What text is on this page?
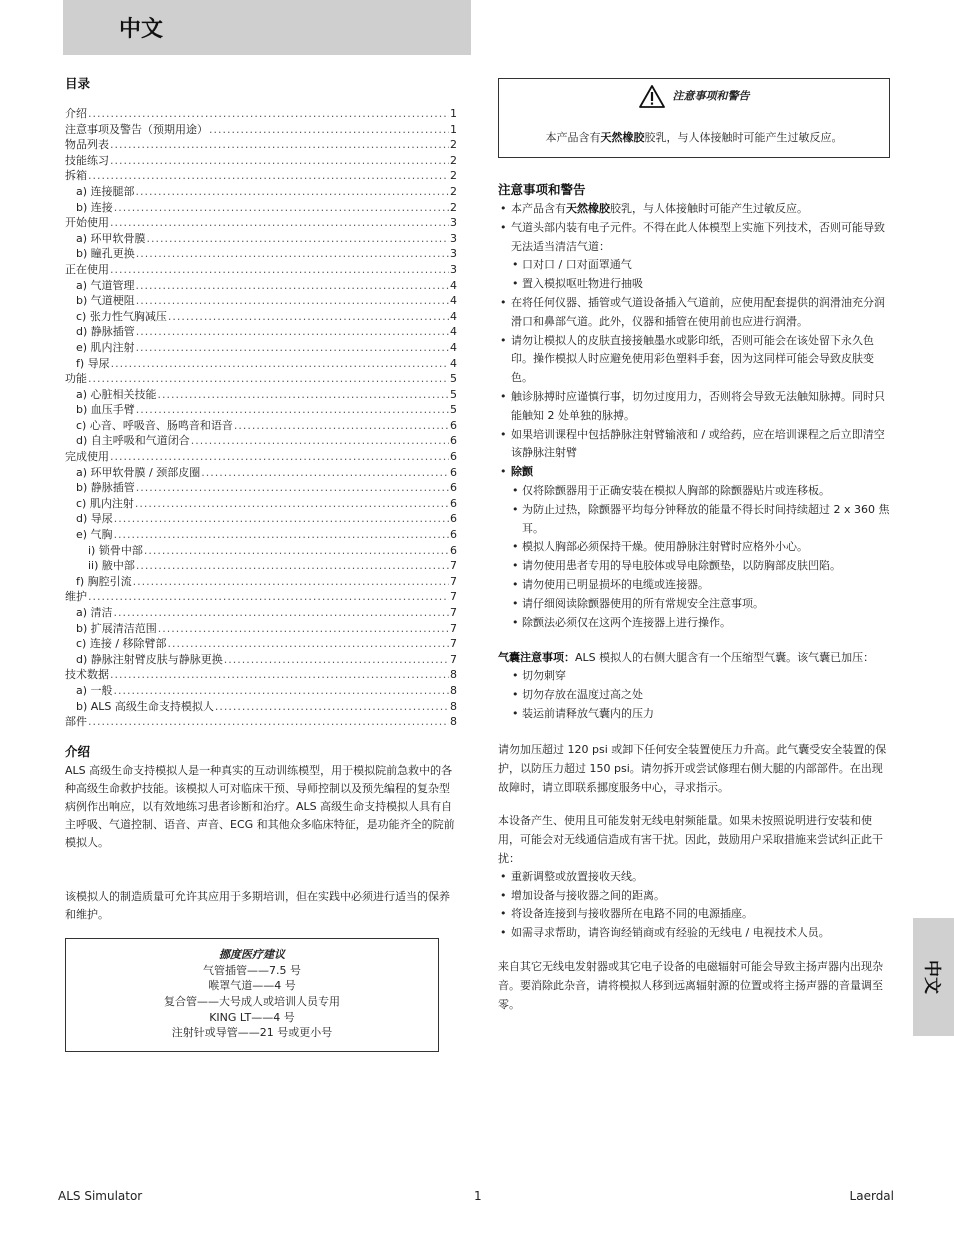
中文
中文
目录
介绍 .....	1
注意事项及警告（预期用途） .....	1
物品列表 .....	2
技能练习 .....	2
拆箱 .....	2
a) 连接腿部 .....	2
b) 连接 .....	2
开始使用 .....	3
a) 环甲软骨膜 .....	3
b) 瞳孔更换 .....	3
正在使用 .....	3
a) 气道管理 .....	4
b) 气道梗阻 .....	4
c) 张力性气胸减压 .....	4
d) 静脉插管 .....	4
e) 肌内注射 .....	4
f) 导尿 .....	4
功能 .....	5
a) 心脏相关技能 .....	5
b) 血压手臂 .....	5
c) 心音、呼吸音、肠鸣音和语音 .....	6
d) 自主呼吸和气道闭合 .....	6
完成使用 .....	6
a) 环甲软骨膜 / 颈部皮圈 .....	6
b) 静脉插管 .....	6
c) 肌内注射 .....	6
d) 导尿 .....	6
e) 气胸 .....	6
i) 锁骨中部 .....	6
ii) 腋中部 .....	7
f) 胸腔引流 .....	7
维护 .....	7
a) 清洁 .....	7
b) 扩展清洁范围 .....	7
c) 连接 / 移除臂部 .....	7
d) 静脉注射臂皮肤与静脉更换 .....	7
技术数据 .....	8
a) 一般 .....	8
b) ALS 高级生命支持模拟人 .....	8
部件 .....	8
介绍

ALS 高级生命支持模拟人是一种真实的互动训练模型，用于模拟院前急救中的各种高级生命救护技能。该模拟人可对临床干预、导师控制以及预先编程的复杂型病例作出响应，以有效地练习患者诊断和治疗。ALS 高级生命支持模拟人具有自主呼吸、气道控制、语音、声音、ECG 和其他众多临床特征，是功能齐全的院前模拟人。

该模拟人的制造质量可允许其应用于多期培训，但在实践中必须进行适当的保养和维护。

挪度医疗建议
气管插管——7.5 号
喉罩气道——4 号
复合管——大号成人或培训人员专用
KING LT——4 号
注射针或导管——21 号或更小号
注意事项和警告
本产品含有天然橡胶胶乳，与人体接触时可能产生过敏反应。
注意事项和警告
• 本产品含有天然橡胶胶乳，与人体接触时可能产生过敏反应。
• 气道头部内装有电子元件。不得在此人体模型上实施下列技术，否则可能导致无法适当清洁气道：
• 口对口 / 口对面罩通气
• 置入模拟呕吐物进行抽吸
• 在将任何仪器、插管或气道设备插入气道前，应使用配套提供的润滑油充分润滑口和鼻部气道。此外，仪器和插管在使用前也应进行润滑。
• 请勿让模拟人的皮肤直接接触墨水或影印纸，否则可能会在该处留下永久色印。操作模拟人时应避免使用彩色塑料手套，因为这同样可能会导致皮肤变色。
• 触诊脉搏时应谨慎行事，切勿过度用力，否则将会导致无法触知脉搏。同时只能触知 2 处单独的脉搏。
• 如果培训课程中包括静脉注射臂输液和 / 或给药，应在培训课程之后立即清空该静脉注射臂
• 除颤
• 仅将除颤器用于正确安装在模拟人胸部的除颤器贴片或连移板。
• 为防止过热，除颤器平均每分钟释放的能量不得长时间持续超过 2 x 360 焦耳。
• 模拟人胸部必须保持干燥。使用静脉注射臂时应格外小心。
• 请勿使用患者专用的导电胶体或导电除颤垫，以防胸部皮肤凹陷。
• 请勿使用已明显损坏的电缆或连接器。
• 请仔细阅读除颤器使用的所有常规安全注意事项。
• 除颤法必须仅在这两个连接器上进行操作。

气囊注意事项：ALS 模拟人的右侧大腿含有一个压缩型气囊。该气囊已加压：

• 切勿刺穿
• 切勿存放在温度过高之处
• 装运前请释放气囊内的压力

请勿加压超过 120 psi 或卸下任何安全装置使压力升高。此气囊受安全装置的保护，以防压力超过 150 psi。请勿拆开或尝试修理右侧大腿的内部部件。在出现故障时，请立即联系挪度服务中心，寻求指示。

本设备产生、使用且可能发射无线电射频能量。如果未按照说明进行安装和使用，可能会对无线通信造成有害干扰。因此，鼓励用户采取措施来尝试纠正此干扰：

• 重新调整或放置接收天线。
• 增加设备与接收器之间的距离。
• 将设备连接到与接收器所在电路不同的电源插座。
• 如需寻求帮助，请咨询经销商或有经验的无线电 / 电视技术人员。

来自其它无线电发射器或其它电子设备的电磁辐射可能会导致主扬声器内出现杂音。要消除此杂音，请将模拟人移到远离辐射源的位置或将主扬声器的音量调至零。

ALS Simulator	1	Laerdal
